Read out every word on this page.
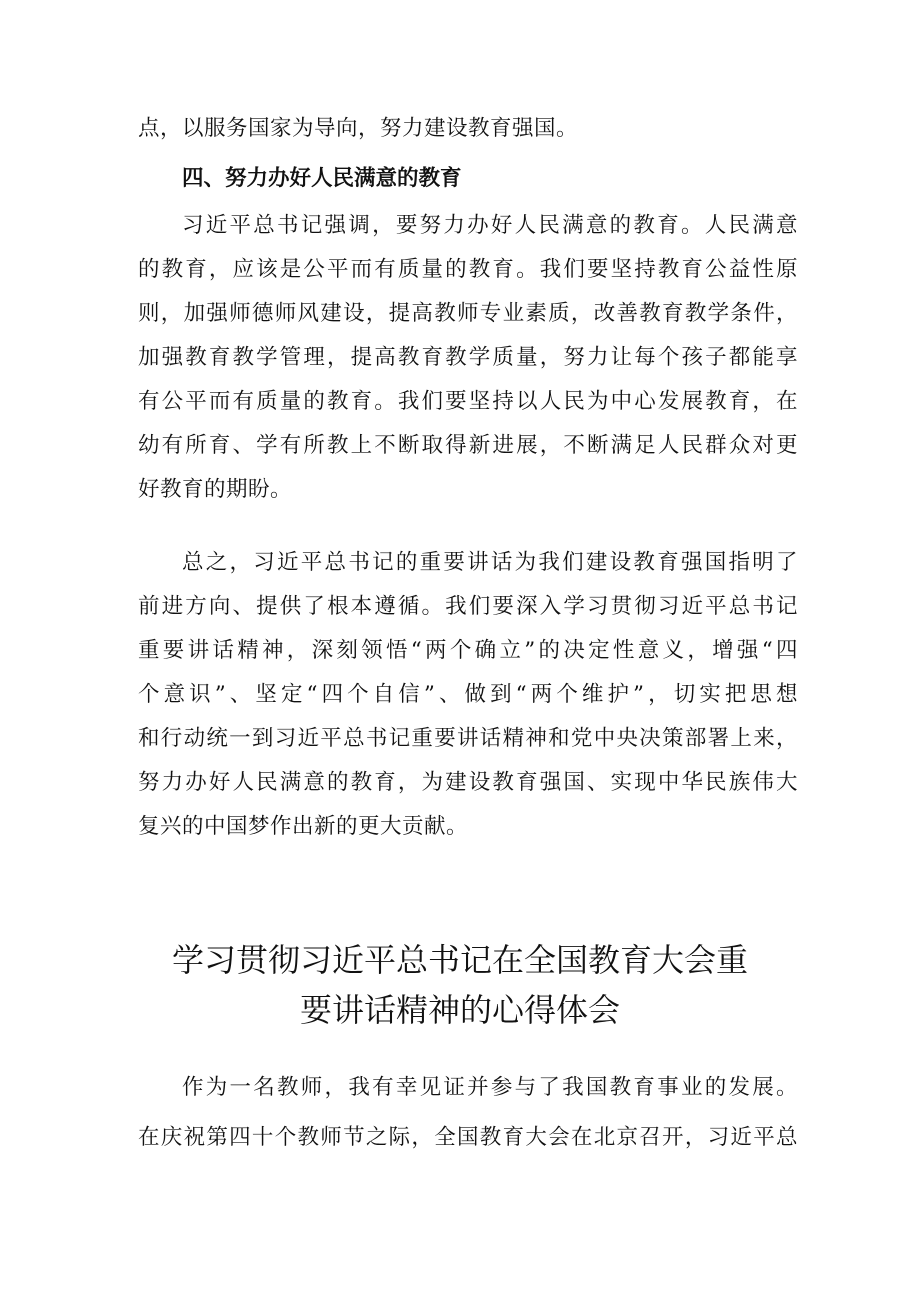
点，以服务国家为导向，努力建设教育强国。
四、努力办好人民满意的教育
习近平总书记强调，要努力办好人民满意的教育。人民满意
的教育，应该是公平而有质量的教育。我们要坚持教育公益性原
则，加强师德师风建设，提高教师专业素质，改善教育教学条件，
加强教育教学管理，提高教育教学质量，努力让每个孩子都能享
有公平而有质量的教育。我们要坚持以人民为中心发展教育，在
幼有所育、学有所教上不断取得新进展，不断满足人民群众对更
好教育的期盼。
总之，习近平总书记的重要讲话为我们建设教育强国指明了
前进方向、提供了根本遵循。我们要深入学习贯彻习近平总书记
重要讲话精神，深刻领悟“两个确立”的决定性意义，增强“四
个意识”、坚定“四个自信”、做到“两个维护”，切实把思想
和行动统一到习近平总书记重要讲话精神和党中央决策部署上来，
努力办好人民满意的教育，为建设教育强国、实现中华民族伟大
复兴的中国梦作出新的更大贡献。
学习贯彻习近平总书记在全国教育大会重
要讲话精神的心得体会
作为一名教师，我有幸见证并参与了我国教育事业的发展。
在庆祝第四十个教师节之际，全国教育大会在北京召开，习近平总
